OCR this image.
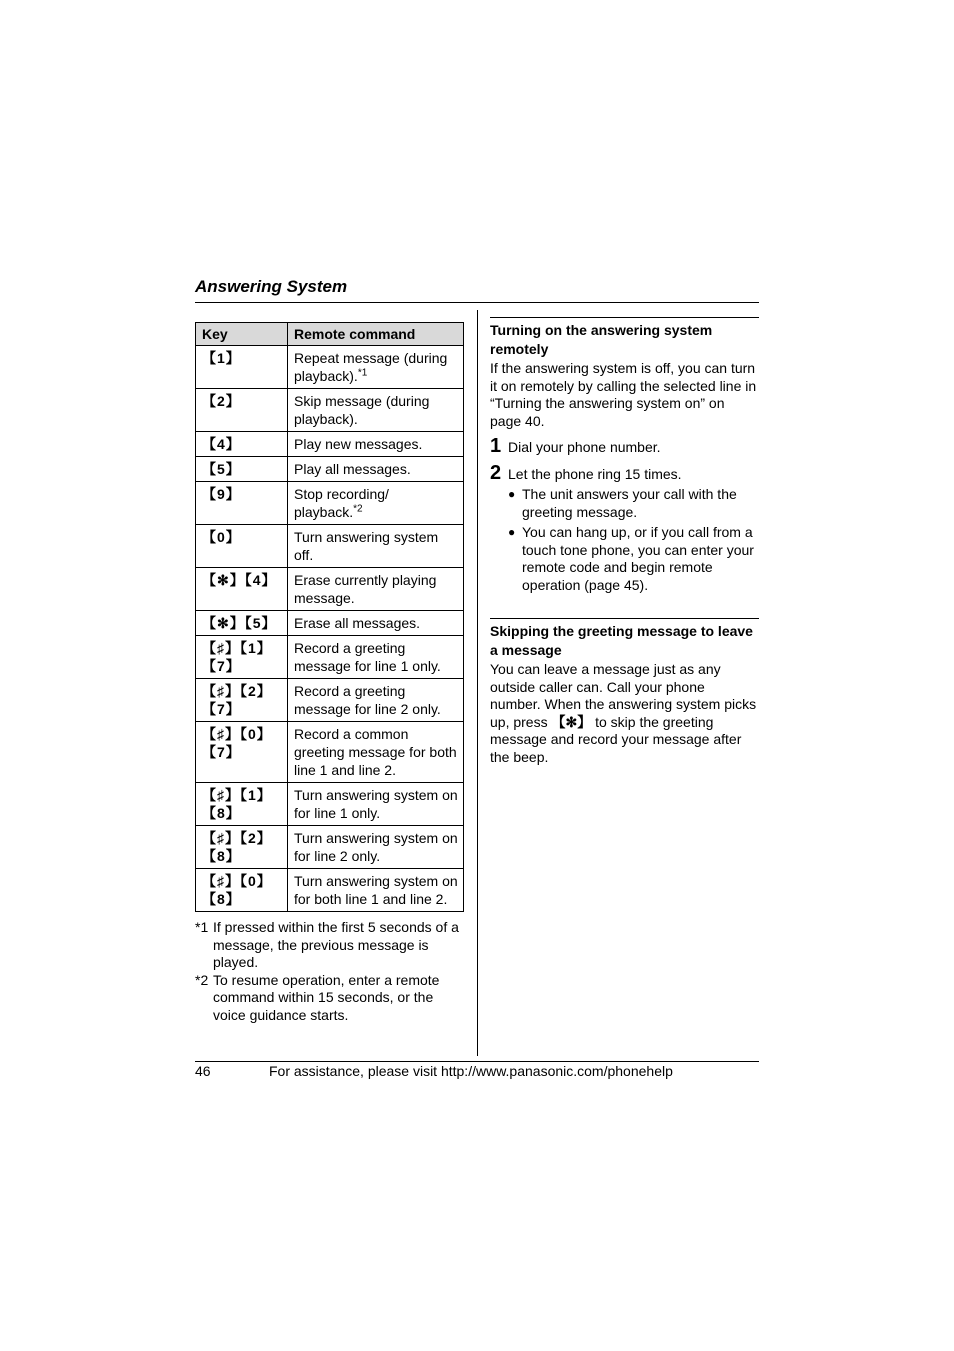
Answering System
Key	Remote command
【1】	Repeat message (during playback).$^{*1}$
【2】	Skip message (during playback).
【4】	Play new messages.
【5】	Play all messages.
【9】	Stop recording/ playback.$^{*2}$
【0】	Turn answering system off.
【✻】【4】	Erase currently playing message.
【✻】【5】	Erase all messages.
【♯】【1】【7】	Record a greeting message for line 1 only.
【♯】【2】【7】	Record a greeting message for line 2 only.
【♯】【0】【7】	Record a common greeting message for both line 1 and line 2.
【♯】【1】【8】	Turn answering system on for line 1 only.
【♯】【2】【8】	Turn answering system on for line 2 only.
【♯】【0】【8】	Turn answering system on for both line 1 and line 2.
*1 If pressed within the first 5 seconds of a message, the previous message is played.
*2 To resume operation, enter a remote command within 15 seconds, or the voice guidance starts.
Turning on the answering system remotely
If the answering system is off, you can turn it on remotely by calling the selected line in “Turning the answering system on” on page 40.
1 Dial your phone number.
2 Let the phone ring 15 times.
● The unit answers your call with the greeting message.
● You can hang up, or if you call from a touch tone phone, you can enter your remote code and begin remote operation (page 45).
Skipping the greeting message to leave a message
You can leave a message just as any outside caller can. Call your phone number. When the answering system picks up, press 【✻】 to skip the greeting message and record your message after the beep.
46	For assistance, please visit http://www.panasonic.com/phonehelp
